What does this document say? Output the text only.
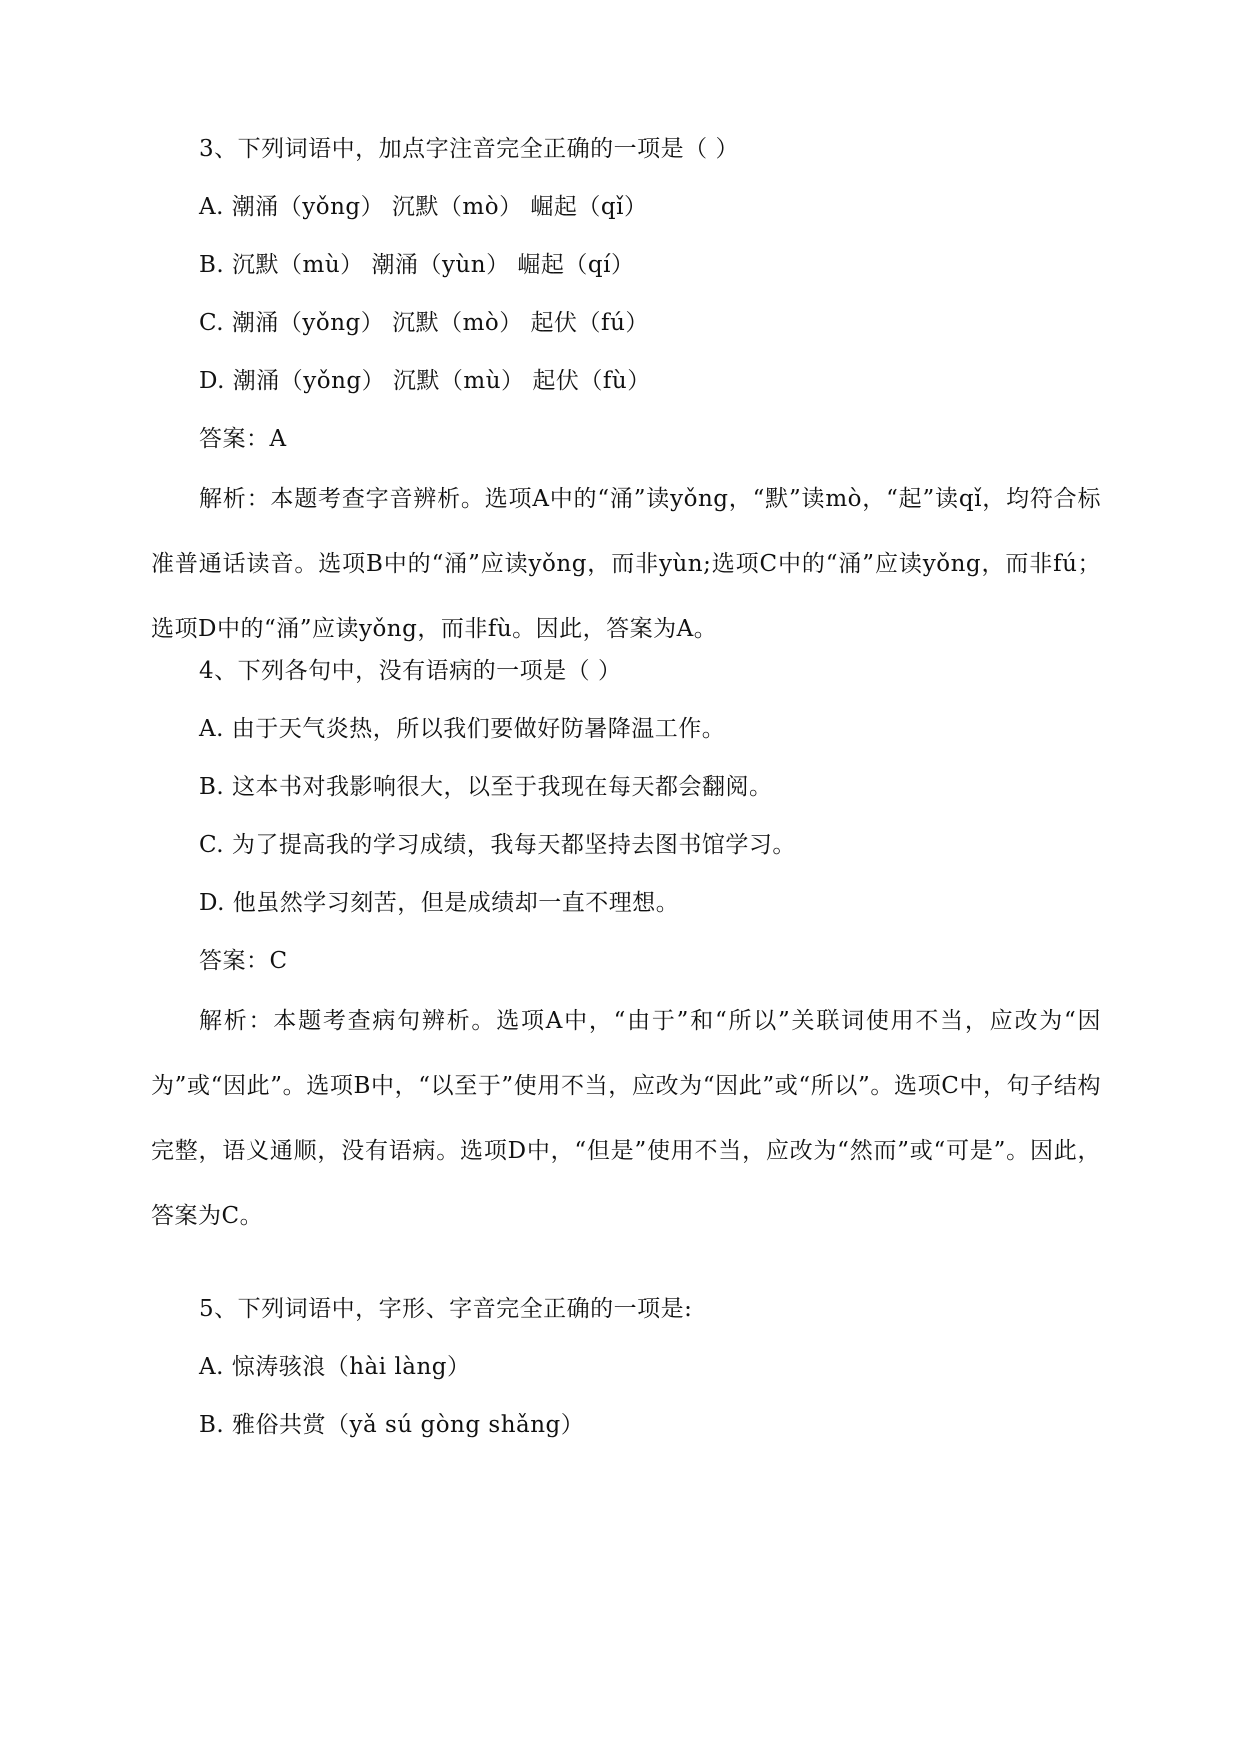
3、下列词语中，加点字注音完全正确的一项是（ ）
A. 潮涌（yǒng） 沉默（mò） 崛起（qǐ）
B. 沉默（mù） 潮涌（yùn） 崛起（qí）
C. 潮涌（yǒng） 沉默（mò） 起伏（fú）
D. 潮涌（yǒng） 沉默（mù） 起伏（fù）
答案：A
解析：本题考查字音辨析。选项A中的“涌”读yǒng，“默”读mò，“起”读qǐ，均符合标准普通话读音。选项B中的“涌”应读yǒng，而非yùn;选项C中的“涌”应读yǒng，而非fú；选项D中的“涌”应读yǒng，而非fù。因此，答案为A。
4、下列各句中，没有语病的一项是（ ）
A. 由于天气炎热，所以我们要做好防暑降温工作。
B. 这本书对我影响很大，以至于我现在每天都会翻阅。
C. 为了提高我的学习成绩，我每天都坚持去图书馆学习。
D. 他虽然学习刻苦，但是成绩却一直不理想。
答案：C
解析：本题考查病句辨析。选项A中，“由于”和“所以”关联词使用不当，应改为“因为”或“因此”。选项B中，“以至于”使用不当，应改为“因此”或“所以”。选项C中，句子结构完整，语义通顺，没有语病。选项D中，“但是”使用不当，应改为“然而”或“可是”。因此，答案为C。
5、下列词语中，字形、字音完全正确的一项是:
A. 惊涛骇浪（hài làng）
B. 雅俗共赏（yǎ sú gòng shǎng）
